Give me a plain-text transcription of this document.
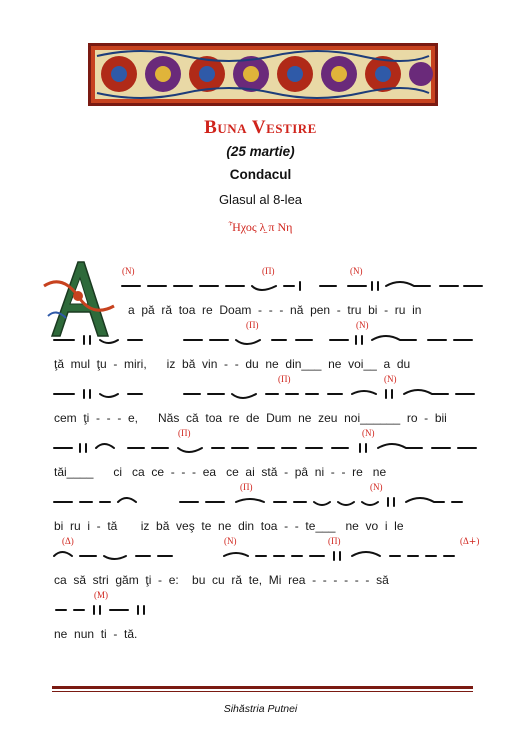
Buna Vestire
(25 martie)
Condacul
Glasul al 8-lea
Ἦχος λ̱ π Νη
(Ν)	(Π)	(Ν)
(Π)	(Ν)
(Π)	(Ν)
(Π)	(Ν)
(Π)	(Ν)
(Δ)	(Ν)	(Π)	(Δ∔)
(Μ)
a  pă  ră  toa  re  Doam  -  -  -  nă  pen  -  tru  bi  -  ru  in
ţă  mul  ţu  -  miri,      iz  bă  vin  -  -  du  ne  din___  ne  voi__  a  du
cem  ţi  -  -  -  e,      Năs  că  toa  re  de  Dum  ne  zeu  noi______  ro  -  bii
tăi____      ci   ca  ce  -  -  -  ea   ce  ai  stă  -  pâ  ni  -  -  re   ne
bi  ru  i  -  tă       iz  bă  veş  te  ne  din  toa  -  -  te___   ne  vo  i  le
ca  să  stri  găm  ţi  -  e:    bu  cu  ră  te,  Mi  rea  -  -  -  -  -  -  să
ne  nun  ti  -  tă.
Sihăstria Putnei
